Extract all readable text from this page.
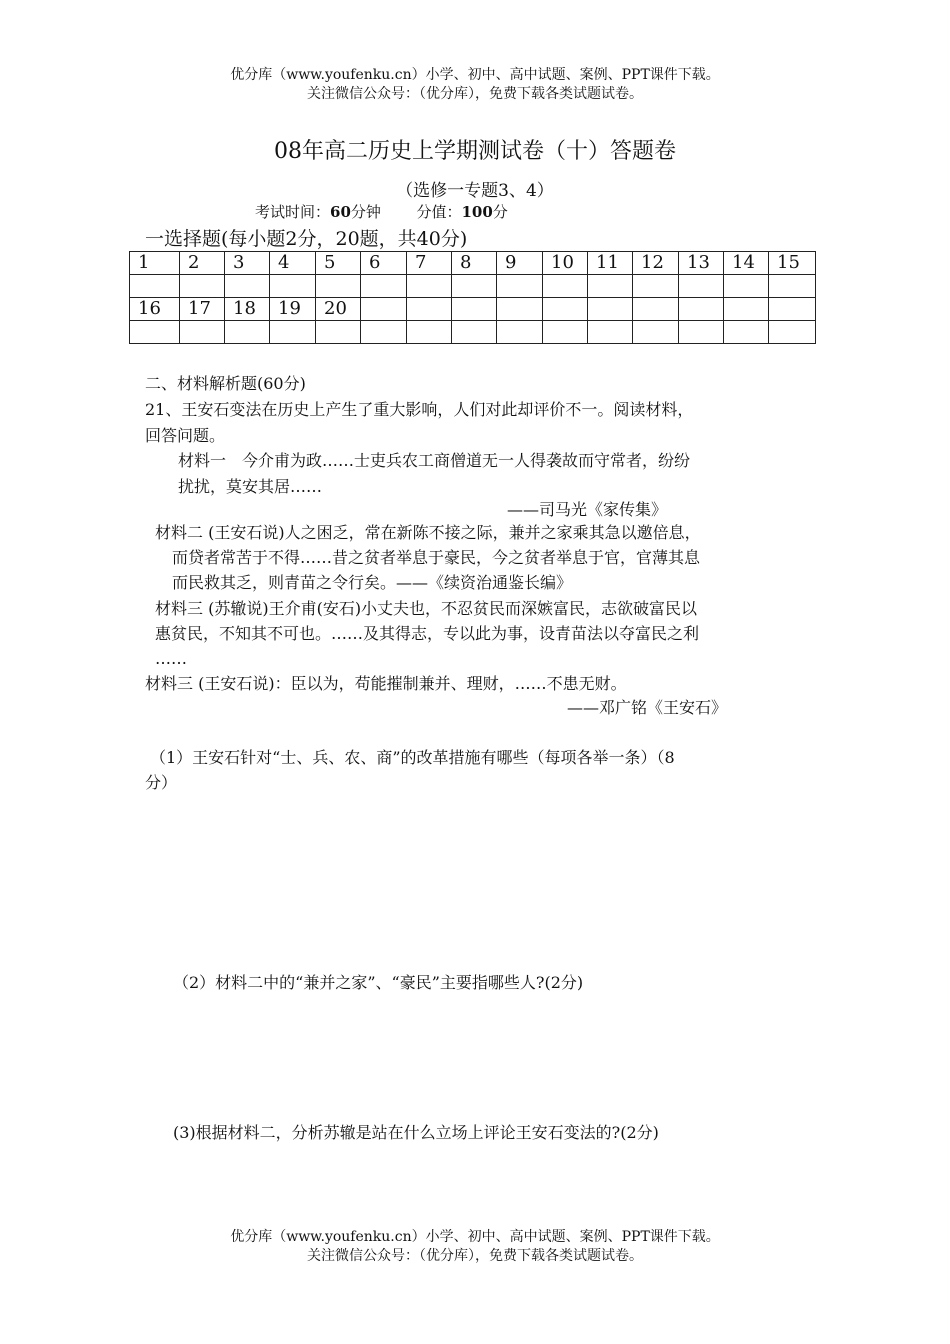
优分库（www.youfenku.cn）小学、初中、高中试题、案例、PPT课件下载。
关注微信公众号：（优分库），免费下载各类试题试卷。
08年高二历史上学期测试卷（十）答题卷
（选修一专题3、4）
考试时间：60分钟 分值：100分
一选择题(每小题2分，20题，共40分)
1	2	3	4	5	6	7	8	9	10	11	12	13	14	15

16	17	18	19	20										

二、材料解析题(60分)
21、王安石变法在历史上产生了重大影响，人们对此却评价不一。阅读材料，
回答问题。
材料一　今介甫为政……士吏兵农工商僧道无一人得袭故而守常者，纷纷
扰扰，莫安其居……
——司马光《家传集》
材料二 (王安石说)人之困乏，常在新陈不接之际，兼并之家乘其急以邀倍息，
而贷者常苦于不得……昔之贫者举息于豪民，今之贫者举息于官，官薄其息
而民救其乏，则青苗之令行矣。——《续资治通鉴长编》
材料三 (苏辙说)王介甫(安石)小丈夫也，不忍贫民而深嫉富民，志欲破富民以
惠贫民，不知其不可也。……及其得志，专以此为事，设青苗法以夺富民之利
……
材料三 (王安石说)：臣以为，苟能摧制兼并、理财，……不患无财。
——邓广铭《王安石》
（1）王安石针对“士、兵、农、商”的改革措施有哪些（每项各举一条）（8
分）
（2）材料二中的“兼并之家”、“豪民”主要指哪些人?(2分)
(3)根据材料二，分析苏辙是站在什么立场上评论王安石变法的?(2分)
优分库（www.youfenku.cn）小学、初中、高中试题、案例、PPT课件下载。
关注微信公众号：（优分库），免费下载各类试题试卷。
